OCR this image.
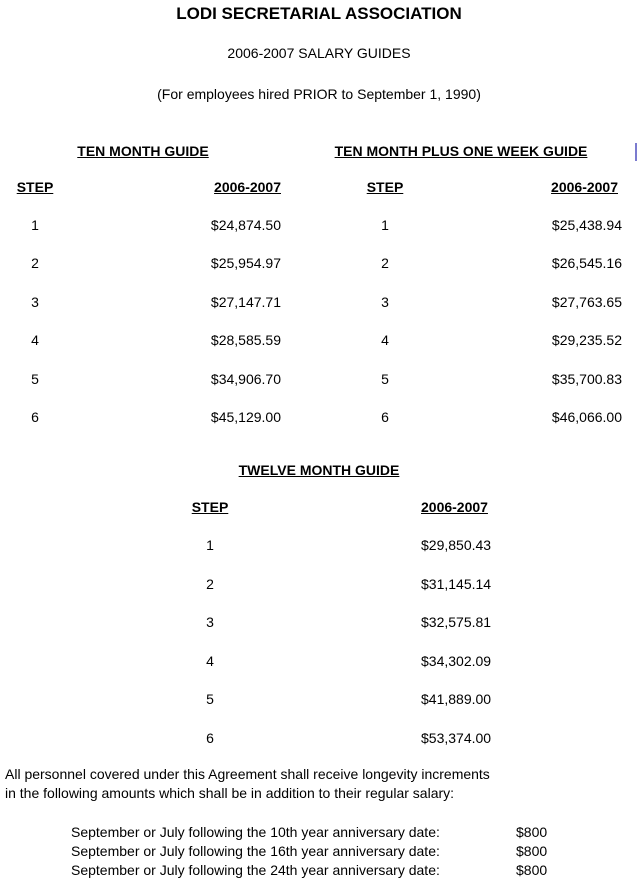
LODI SECRETARIAL ASSOCIATION
2006-2007 SALARY GUIDES
(For employees hired PRIOR to September 1, 1990)
TEN MONTH GUIDE
STEP	2006-2007
1	$24,874.50
2	$25,954.97
3	$27,147.71
4	$28,585.59
5	$34,906.70
6	$45,129.00
TEN MONTH PLUS ONE WEEK GUIDE
STEP	2006-2007
1	$25,438.94
2	$26,545.16
3	$27,763.65
4	$29,235.52
5	$35,700.83
6	$46,066.00
TWELVE MONTH GUIDE
STEP	2006-2007
1	$29,850.43
2	$31,145.14
3	$32,575.81
4	$34,302.09
5	$41,889.00
6	$53,374.00
All personnel covered under this Agreement shall receive longevity increments
in the following amounts which shall be in addition to their regular salary:
September or July following the 10th year anniversary date:	$800
September or July following the 16th year anniversary date:	$800
September or July following the 24th year anniversary date:	$800
